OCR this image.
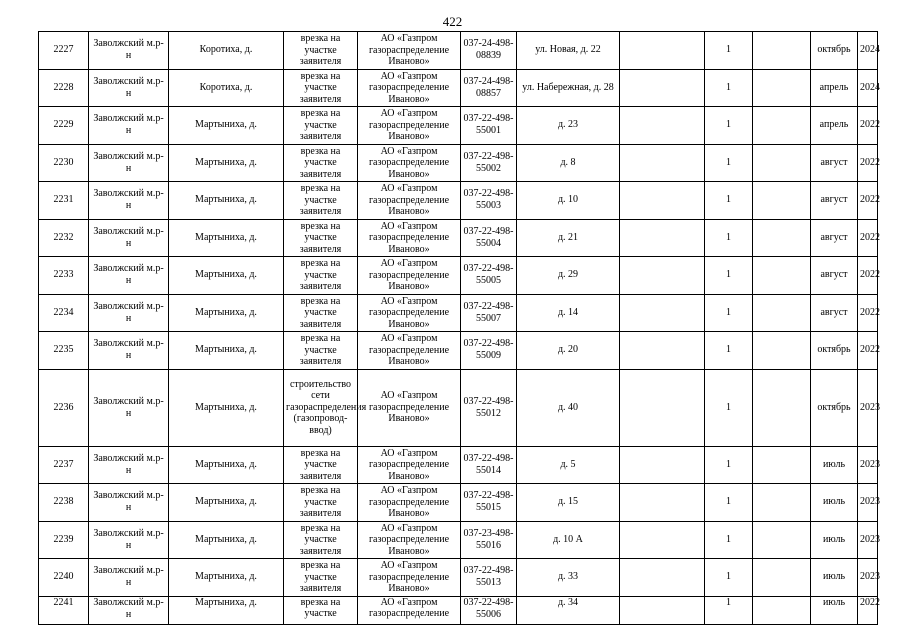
422
2227	Заволжский м.р-н	Коротиха, д.	врезка на участке заявителя	АО «Газпром газораспределение Иваново»	037-24-498-08839	ул. Новая, д. 22		1		октябрь	2024
2228	Заволжский м.р-н	Коротиха, д.	врезка на участке заявителя	АО «Газпром газораспределение Иваново»	037-24-498-08857	ул. Набережная, д. 28		1		апрель	2024
2229	Заволжский м.р-н	Мартыниха, д.	врезка на участке заявителя	АО «Газпром газораспределение Иваново»	037-22-498-55001	д. 23		1		апрель	2022
2230	Заволжский м.р-н	Мартыниха, д.	врезка на участке заявителя	АО «Газпром газораспределение Иваново»	037-22-498-55002	д. 8		1		август	2022
2231	Заволжский м.р-н	Мартыниха, д.	врезка на участке заявителя	АО «Газпром газораспределение Иваново»	037-22-498-55003	д. 10		1		август	2022
2232	Заволжский м.р-н	Мартыниха, д.	врезка на участке заявителя	АО «Газпром газораспределение Иваново»	037-22-498-55004	д. 21		1		август	2022
2233	Заволжский м.р-н	Мартыниха, д.	врезка на участке заявителя	АО «Газпром газораспределение Иваново»	037-22-498-55005	д. 29		1		август	2022
2234	Заволжский м.р-н	Мартыниха, д.	врезка на участке заявителя	АО «Газпром газораспределение Иваново»	037-22-498-55007	д. 14		1		август	2022
2235	Заволжский м.р-н	Мартыниха, д.	врезка на участке заявителя	АО «Газпром газораспределение Иваново»	037-22-498-55009	д. 20		1		октябрь	2022
2236	Заволжский м.р-н	Мартыниха, д.	строительство сети газораспределения (газопровод-ввод)	АО «Газпром газораспределение Иваново»	037-22-498-55012	д. 40		1		октябрь	2023
2237	Заволжский м.р-н	Мартыниха, д.	врезка на участке заявителя	АО «Газпром газораспределение Иваново»	037-22-498-55014	д. 5		1		июль	2023
2238	Заволжский м.р-н	Мартыниха, д.	врезка на участке заявителя	АО «Газпром газораспределение Иваново»	037-22-498-55015	д. 15		1		июль	2023
2239	Заволжский м.р-н	Мартыниха, д.	врезка на участке заявителя	АО «Газпром газораспределение Иваново»	037-23-498-55016	д. 10 А		1		июль	2023
2240	Заволжский м.р-н	Мартыниха, д.	врезка на участке заявителя	АО «Газпром газораспределение Иваново»	037-22-498-55013	д. 33		1		июль	2023
2241	Заволжский м.р-н	Мартыниха, д.	врезка на участке	АО «Газпром газораспределение	037-22-498-55006	д. 34		1		июль	2022
